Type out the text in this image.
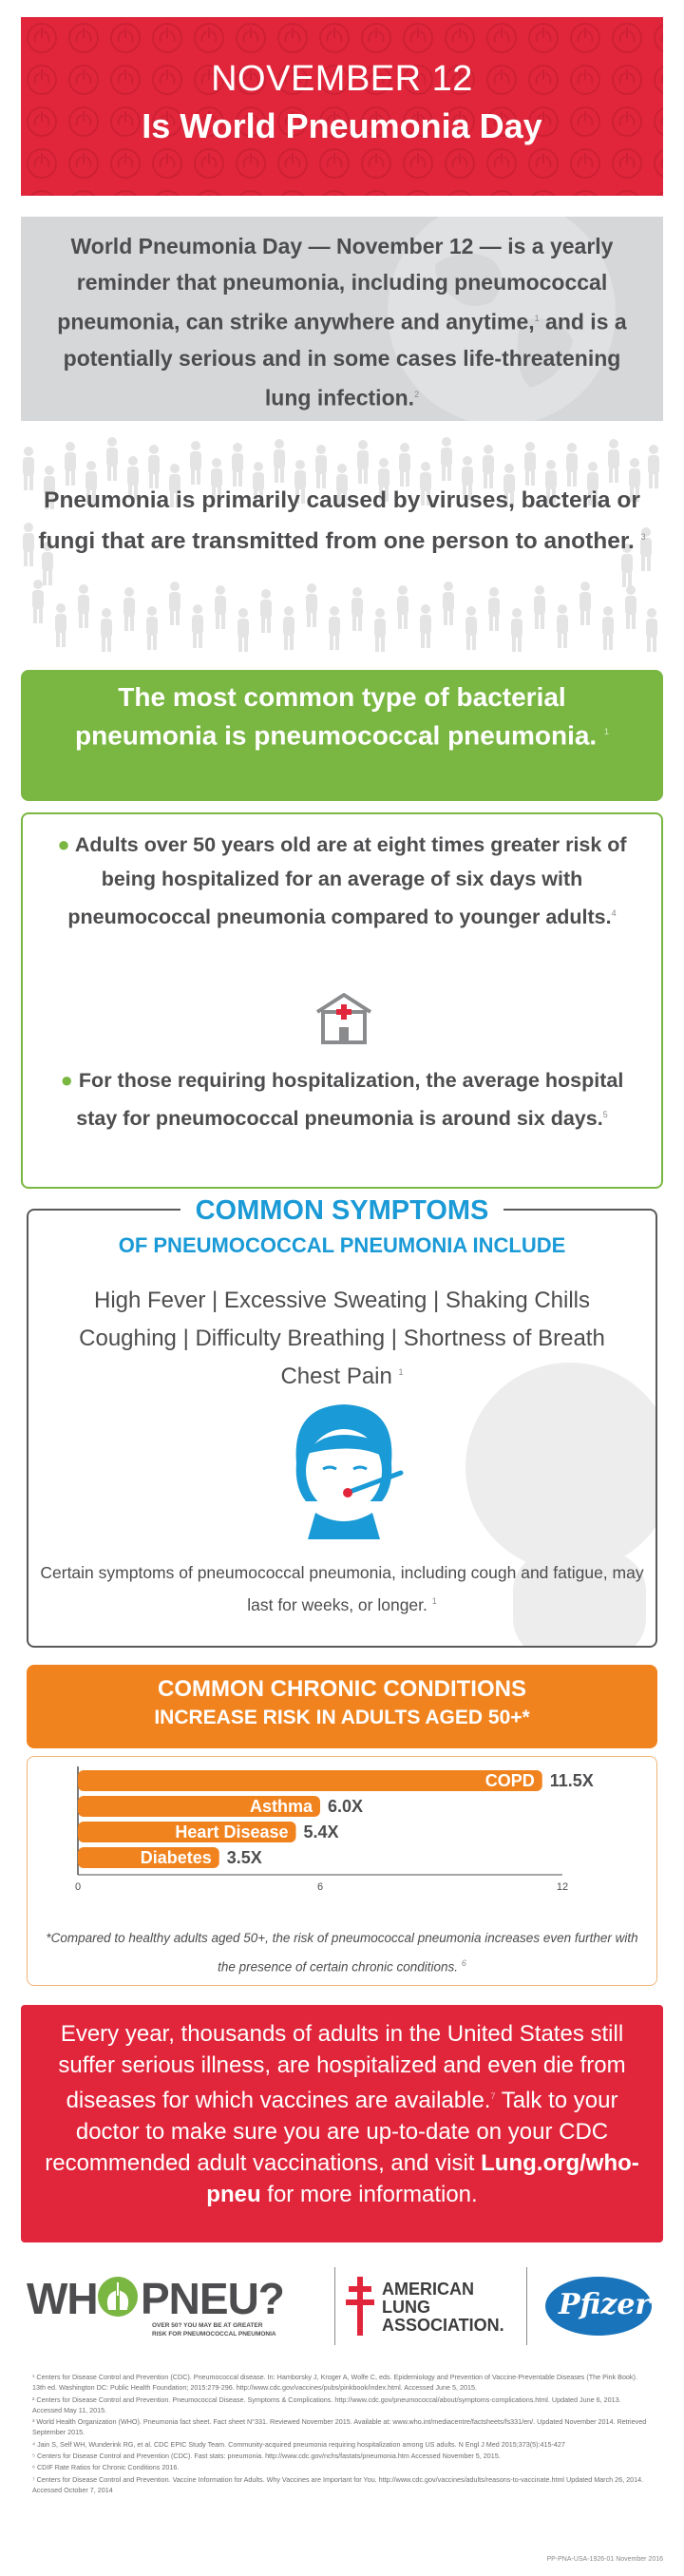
NOVEMBER 12
Is World Pneumonia Day

World Pneumonia Day — November 12 — is a yearly reminder that pneumonia, including pneumococcal pneumonia, can strike anywhere and anytime,$^1$ and is a potentially serious and in some cases life-threatening lung infection.$^2$

Pneumonia is primarily caused by viruses, bacteria or fungi that are transmitted from one person to another. $^3$

The most common type of bacterial pneumonia is pneumococcal pneumonia. $^1$

● Adults over 50 years old are at eight times greater risk of being hospitalized for an average of six days with pneumococcal pneumonia compared to younger adults.$^4$

● For those requiring hospitalization, the average hospital stay for pneumococcal pneumonia is around six days.$^5$

COMMON SYMPTOMS
OF PNEUMOCOCCAL PNEUMONIA INCLUDE
High Fever | Excessive Sweating | Shaking Chills
Coughing | Difficulty Breathing | Shortness of Breath
Chest Pain $^1$
Certain symptoms of pneumococcal pneumonia, including cough and fatigue, may last for weeks, or longer. $^1$
COMMON CHRONIC CONDITIONS
INCREASE RISK IN ADULTS AGED 50+*
COPD 11.5X
Asthma 6.0X
Heart Disease 5.4X
Diabetes 3.5X
0	6	12
*Compared to healthy adults aged 50+, the risk of pneumococcal pneumonia increases even further with the presence of certain chronic conditions. $^6$

Every year, thousands of adults in the United States still suffer serious illness, are hospitalized and even die from diseases for which vaccines are available.$^7$ Talk to your doctor to make sure you are up-to-date on your CDC recommended adult vaccinations, and visit Lung.org/who-pneu for more information.

WH PNEU?
OVER 50? YOU MAY BE AT GREATER
RISK FOR PNEUMOCOCCAL PNEUMONIA
AMERICAN
LUNG
ASSOCIATION.
Pfizer
¹ Centers for Disease Control and Prevention (CDC). Pneumococcal disease. In: Hamborsky J, Kroger A, Wolfe C, eds. Epidemiology and Prevention of Vaccine-Preventable Diseases (The Pink Book). 13th ed. Washington DC: Public Health Foundation; 2015:279-296. http://www.cdc.gov/vaccines/pubs/pinkbook/index.html. Accessed June 5, 2015.
² Centers for Disease Control and Prevention. Pneumococcal Disease. Symptoms & Complications. http://www.cdc.gov/pneumococcal/about/symptoms-complications.html. Updated June 6, 2013. Accessed May 11, 2015.
³ World Health Organization (WHO). Pneumonia fact sheet. Fact sheet N°331. Reviewed November 2015. Available at: www.who.int/mediacentre/factsheets/fs331/en/. Updated November 2014. Retrieved September 2015.
⁴ Jain S, Self WH, Wunderink RG, et al. CDC EPIC Study Team. Community-acquired pneumonia requiring hospitalization among US adults. N Engl J Med 2015;373(5):415-427
⁵ Centers for Disease Control and Prevention (CDC). Fast stats: pneumonia. http://www.cdc.gov/nchs/fastats/pneumonia.htm Accessed November 5, 2015.
⁶ CDIF Rate Ratios for Chronic Conditions 2016.
⁷ Centers for Disease Control and Prevention. Vaccine Information for Adults. Why Vaccines are Important for You. http://www.cdc.gov/vaccines/adults/reasons-to-vaccinate.html Updated March 26, 2014. Accessed October 7, 2014
PP-PNA-USA-1926-01 November 2016
